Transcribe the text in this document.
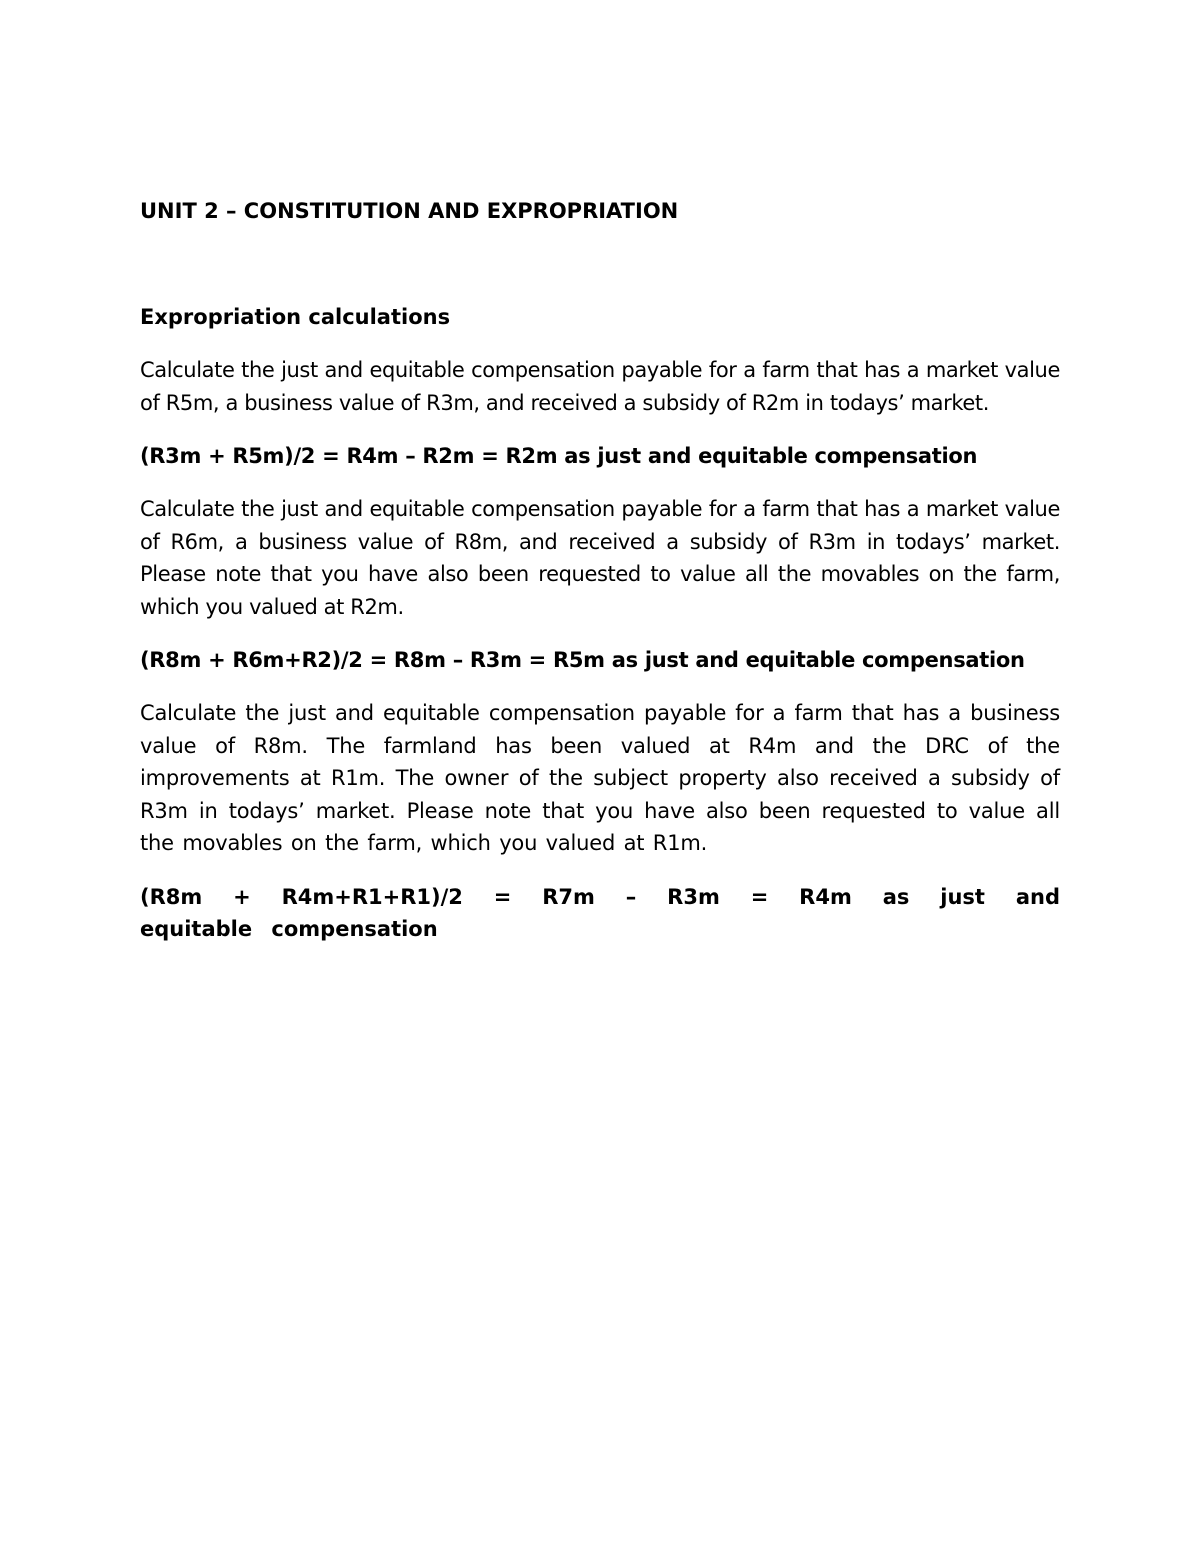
UNIT 2 – CONSTITUTION AND EXPROPRIATION
Expropriation calculations
Calculate the just and equitable compensation payable for a farm that has a market value of R5m, a business value of R3m, and received a subsidy of R2m in todays’ market.
(R3m + R5m)/2 = R4m – R2m = R2m as just and equitable compensation
Calculate the just and equitable compensation payable for a farm that has a market value of R6m, a business value of R8m, and received a subsidy of R3m in todays’ market. Please note that you have also been requested to value all the movables on the farm, which you valued at R2m.
(R8m + R6m+R2)/2 = R8m – R3m = R5m as just and equitable compensation
Calculate the just and equitable compensation payable for a farm that has a business value of R8m. The farmland has been valued at R4m and the DRC of the improvements at R1m. The owner of the subject property also received a subsidy of R3m in todays’ market. Please note that you have also been requested to value all the movables on the farm, which you valued at R1m.
(R8m + R4m+R1+R1)/2 = R7m – R3m = R4m as just and equitable compensation
